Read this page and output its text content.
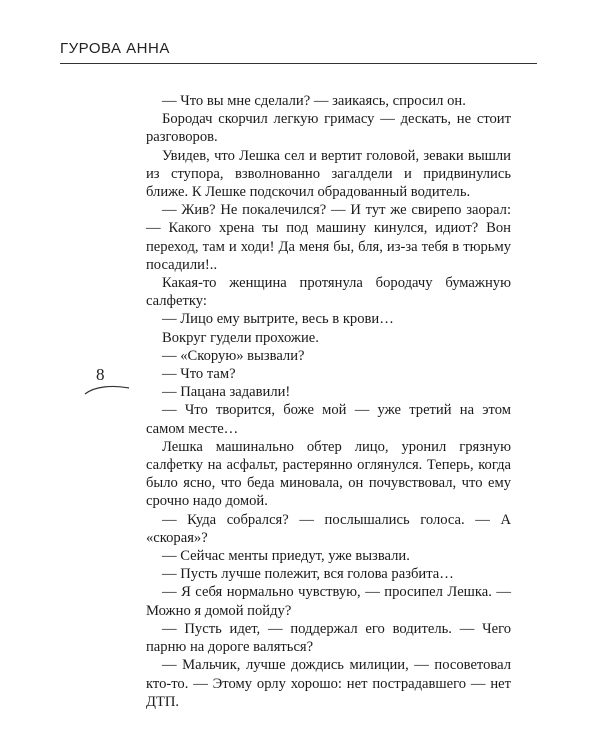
ГУРОВА АННА
8

— Что вы мне сделали? — заикаясь, спросил он.

Бородач скорчил легкую гримасу — дескать, не стоит разговоров.

Увидев, что Лешка сел и вертит головой, зеваки вышли из ступора, взволнованно загалдели и придвинулись ближе. К Лешке подскочил обрадованный водитель.

— Жив? Не покалечился? — И тут же свирепо заорал: — Какого хрена ты под машину кинулся, идиот? Вон переход, там и ходи! Да меня бы, бля, из-за тебя в тюрьму посадили!..

Какая-то женщина протянула бородачу бумажную салфетку:

— Лицо ему вытрите, весь в крови…

Вокруг гудели прохожие.

— «Скорую» вызвали?

— Что там?

— Пацана задавили!

— Что творится, боже мой — уже третий на этом самом месте…

Лешка машинально обтер лицо, уронил грязную салфетку на асфальт, растерянно оглянулся. Теперь, когда было ясно, что беда миновала, он почувствовал, что ему срочно надо домой.

— Куда собрался? — послышались голоса. — А «скорая»?

— Сейчас менты приедут, уже вызвали.

— Пусть лучше полежит, вся голова разбита…

— Я себя нормально чувствую, — просипел Лешка. — Можно я домой пойду?

— Пусть идет, — поддержал его водитель. — Чего парню на дороге валяться?

— Мальчик, лучше дождись милиции, — посоветовал кто-то. — Этому орлу хорошо: нет пострадавшего — нет ДТП.
